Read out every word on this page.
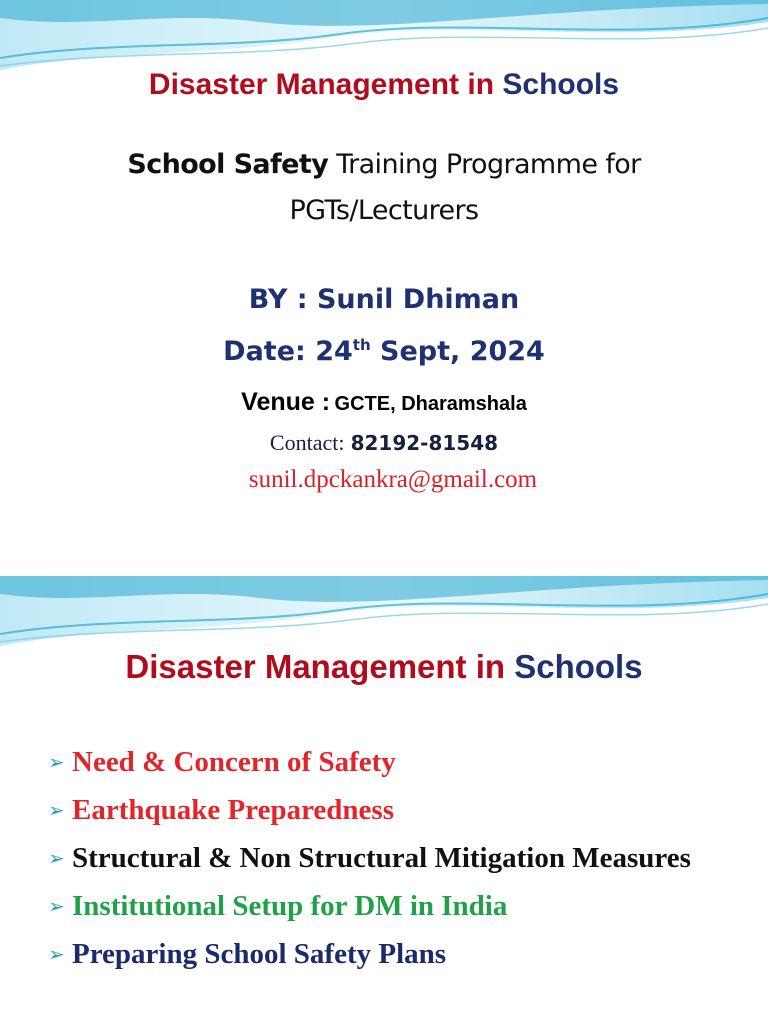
Disaster Management in Schools
School Safety Training Programme for
PGTs/Lecturers
BY : Sunil Dhiman
Date: 24th Sept, 2024
Venue : GCTE, Dharamshala
Contact: 82192-81548
sunil.dpckankra@gmail.com
Disaster Management in Schools
➢ Need & Concern of Safety
➢ Earthquake Preparedness
➢ Structural & Non Structural Mitigation Measures
➢ Institutional Setup for DM in India
➢ Preparing School Safety Plans
